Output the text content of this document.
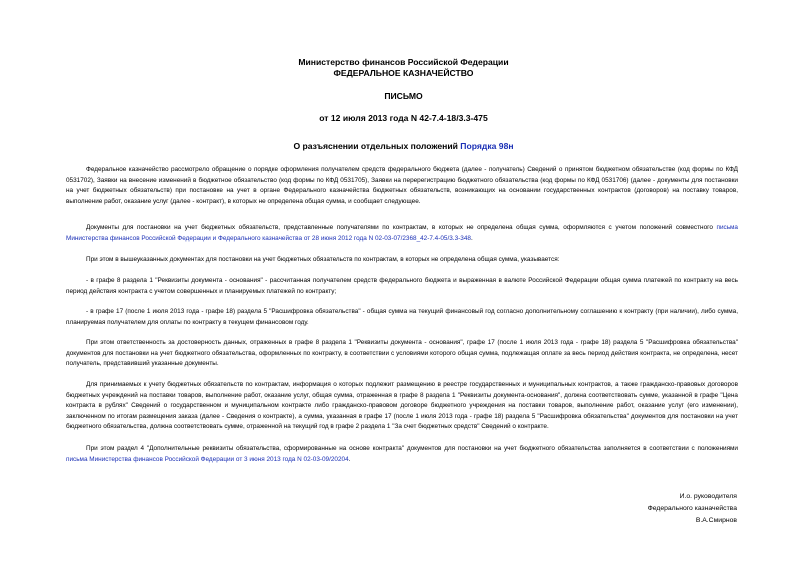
Министерство финансов Российской Федерации
ФЕДЕРАЛЬНОЕ КАЗНАЧЕЙСТВО
ПИСЬМО
от 12 июля 2013 года N 42-7.4-18/3.3-475
О разъяснении отдельных положений Порядка 98н

Федеральное казначейство рассмотрело обращение о порядке оформления получателем средств федерального бюджета (далее - получатель) Сведений о принятом бюджетном обязательстве (код формы по КФД 0531702), Заявки на внесение изменений в бюджетное обязательство (код формы по КФД 0531705), Заявки на перерегистрацию бюджетного обязательства (код формы по КФД 0531706) (далее - документы для постановки на учет бюджетных обязательств) при постановке на учет в органе Федерального казначейства бюджетных обязательств, возникающих на основании государственных контрактов (договоров) на поставку товаров, выполнение работ, оказание услуг (далее - контракт), в которых не определена общая сумма, и сообщает следующее.

Документы для постановки на учет бюджетных обязательств, представленные получателями по контрактам, в которых не определена общая сумма, оформляются с учетом положений совместного письма Министерства финансов Российской Федерации и Федерального казначейства от 28 июня 2012 года N 02-03-07/2368_42-7.4-05/3.3-348.

При этом в вышеуказанных документах для постановки на учет бюджетных обязательств по контрактам, в которых не определена общая сумма, указывается:

- в графе 8 раздела 1 "Реквизиты документа - основания" - рассчитанная получателем средств федерального бюджета и выраженная в валюте Российской Федерации общая сумма платежей по контракту на весь период действия контракта с учетом совершенных и планируемых платежей по контракту;

- в графе 17 (после 1 июля 2013 года - графе 18) раздела 5 "Расшифровка обязательства" - общая сумма на текущий финансовый год согласно дополнительному соглашению к контракту (при наличии), либо сумма, планируемая получателем для оплаты по контракту в текущем финансовом году.

При этом ответственность за достоверность данных, отраженных в графе 8 раздела 1 "Реквизиты документа - основания", графе 17 (после 1 июля 2013 года - графе 18) раздела 5 "Расшифровка обязательства" документов для постановки на учет бюджетного обязательства, оформленных по контракту, в соответствии с условиями которого общая сумма, подлежащая оплате за весь период действия контракта, не определена, несет получатель, представивший указанные документы.

Для принимаемых к учету бюджетных обязательств по контрактам, информация о которых подлежит размещению в реестре государственных и муниципальных контрактов, а также гражданско-правовых договоров бюджетных учреждений на поставки товаров, выполнение работ, оказание услуг, общая сумма, отраженная в графе 8 раздела 1 "Реквизиты документа-основания", должна соответствовать сумме, указанной в графе "Цена контракта в рублях" Сведений о государственном и муниципальном контракте либо гражданско-правовом договоре бюджетного учреждения на поставки товаров, выполнение работ, оказание услуг (его изменении), заключенном по итогам размещения заказа (далее - Сведения о контракте), а сумма, указанная в графе 17 (после 1 июля 2013 года - графе 18) раздела 5 "Расшифровка обязательства" документов для постановки на учет бюджетного обязательства, должна соответствовать сумме, отраженной на текущий год в графе 2 раздела 1 "За счет бюджетных средств" Сведений о контракте.

При этом раздел 4 "Дополнительные реквизиты обязательства, сформированные на основе контракта" документов для постановки на учет бюджетного обязательства заполняется в соответствии с положениями письма Министерства финансов Российской Федерации от 3 июня 2013 года N 02-03-09/20204.

И.о. руководителя
Федерального казначейства
В.А.Смирнов
